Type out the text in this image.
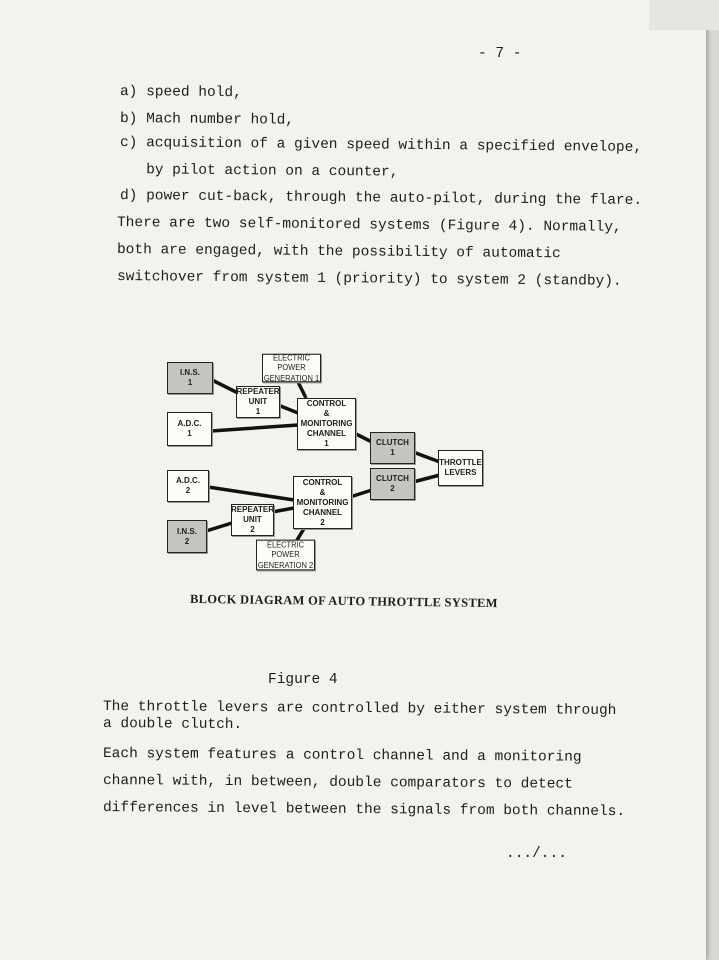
- 7 -
a) speed hold,
b) Mach number hold,
c) acquisition of a given speed within a specified envelope,
by pilot action on a counter,
d) power cut-back, through the auto-pilot, during the flare.
There are two self-monitored systems (Figure 4). Normally,
both are engaged, with the possibility of automatic
switchover from system 1 (priority) to system 2 (standby).
I.N.S.
1
ELECTRIC POWER
GENERATION 1
REPEATER
UNIT
1
CONTROL
&
MONITORING
CHANNEL
1
A.D.C.
1
CLUTCH
1
THROTTLE
LEVERS
A.D.C.
2
CLUTCH
2
CONTROL
&
MONITORING
CHANNEL
2
REPEATER
UNIT
2
I.N.S.
2	ELECTRIC POWER
GENERATION 2
BLOCK DIAGRAM OF AUTO THROTTLE SYSTEM
Figure 4
The throttle levers are controlled by either system through
a double clutch.
Each system features a control channel and a monitoring
channel with, in between, double comparators to detect
differences in level between the signals from both channels.
.../...
